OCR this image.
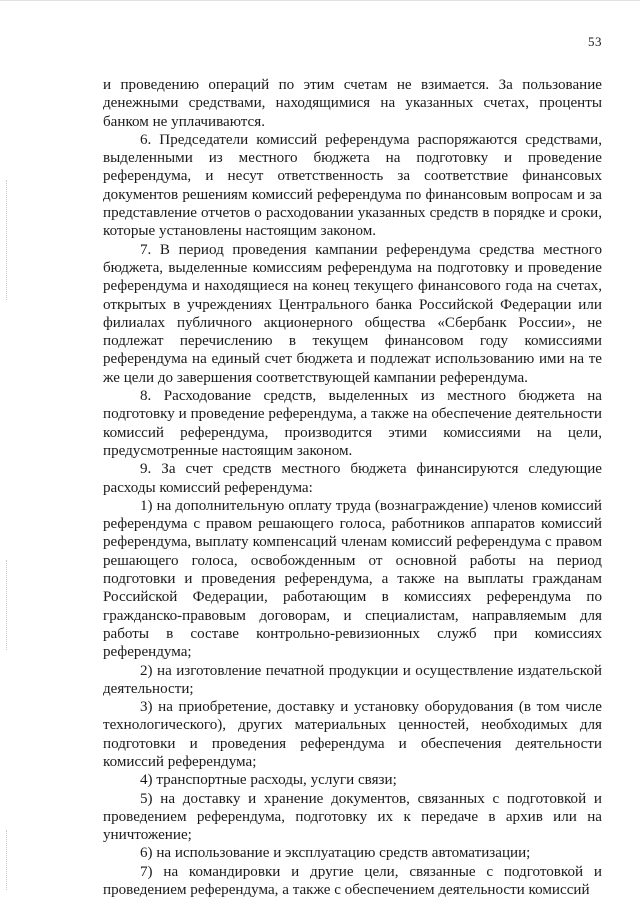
53

и проведению операций по этим счетам не взимается. За пользование денежными средствами, находящимися на указанных счетах, проценты банком не уплачиваются.

6. Председатели комиссий референдума распоряжаются средствами, выделенными из местного бюджета на подготовку и проведение референдума, и несут ответственность за соответствие финансовых документов решениям комиссий референдума по финансовым вопросам и за представление отчетов о расходовании указанных средств в порядке и сроки, которые установлены настоящим законом.

7. В период проведения кампании референдума средства местного бюджета, выделенные комиссиям референдума на подготовку и проведение референдума и находящиеся на конец текущего финансового года на счетах, открытых в учреждениях Центрального банка Российской Федерации или филиалах публичного акционерного общества «Сбербанк России», не подлежат перечислению в текущем финансовом году комиссиями референдума на единый счет бюджета и подлежат использованию ими на те же цели до завершения соответствующей кампании референдума.

8. Расходование средств, выделенных из местного бюджета на подготовку и проведение референдума, а также на обеспечение деятельности комиссий референдума, производится этими комиссиями на цели, предусмотренные настоящим законом.

9. За счет средств местного бюджета финансируются следующие расходы комиссий референдума:

1) на дополнительную оплату труда (вознаграждение) членов комиссий референдума с правом решающего голоса, работников аппаратов комиссий референдума, выплату компенсаций членам комиссий референдума с правом решающего голоса, освобожденным от основной работы на период подготовки и проведения референдума, а также на выплаты гражданам Российской Федерации, работающим в комиссиях референдума по гражданско-правовым договорам, и специалистам, направляемым для работы в составе контрольно-ревизионных служб при комиссиях референдума;

2) на изготовление печатной продукции и осуществление издательской деятельности;

3) на приобретение, доставку и установку оборудования (в том числе технологического), других материальных ценностей, необходимых для подготовки и проведения референдума и обеспечения деятельности комиссий референдума;

4) транспортные расходы, услуги связи;

5) на доставку и хранение документов, связанных с подготовкой и проведением референдума, подготовку их к передаче в архив или на уничтожение;

6) на использование и эксплуатацию средств автоматизации;

7) на командировки и другие цели, связанные с подготовкой и проведением референдума, а также с обеспечением деятельности комиссий
